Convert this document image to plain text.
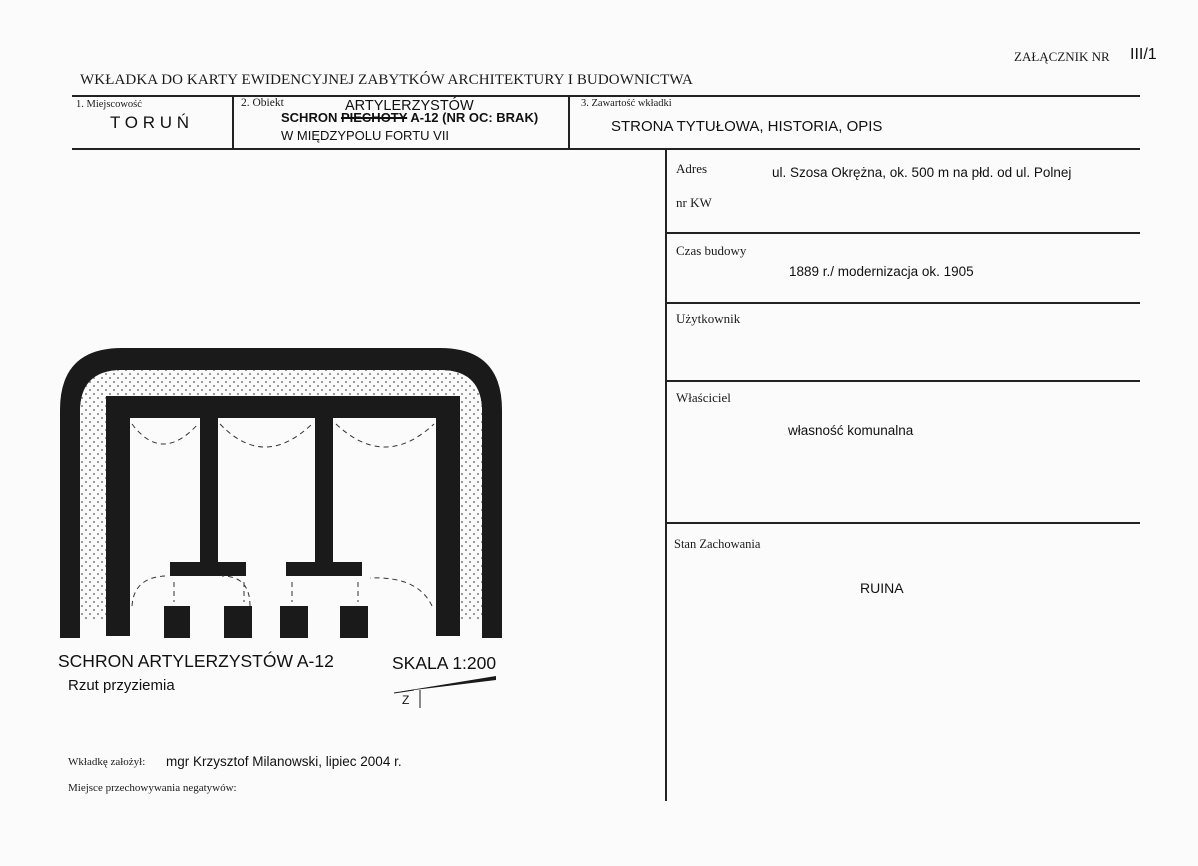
ZAŁĄCZNIK NR III/1
WKŁADKA DO KARTY EWIDENCYJNEJ ZABYTKÓW ARCHITEKTURY I BUDOWNICTWA
1. Miejscowość
T O R U Ń
2. Obiekt	ARTYLERZYSTÓW
SCHRON PIECHOTY A-12 (NR OC: BRAK)
W MIĘDZYPOLU FORTU VII
3. Zawartość wkładki
STRONA TYTUŁOWA, HISTORIA, OPIS
Adres	ul. Szosa Okrężna, ok. 500 m na płd. od ul. Polnej
nr KW
Czas budowy
1889 r./ modernizacja ok. 1905
Użytkownik
Właściciel
własność komunalna
Stan Zachowania
RUINA
SCHRON ARTYLERZYSTÓW A-12
Rzut przyziemia
SKALA 1:200
Z
Wkładkę założył: mgr Krzysztof Milanowski, lipiec 2004 r.
Miejsce przechowywania negatywów:
